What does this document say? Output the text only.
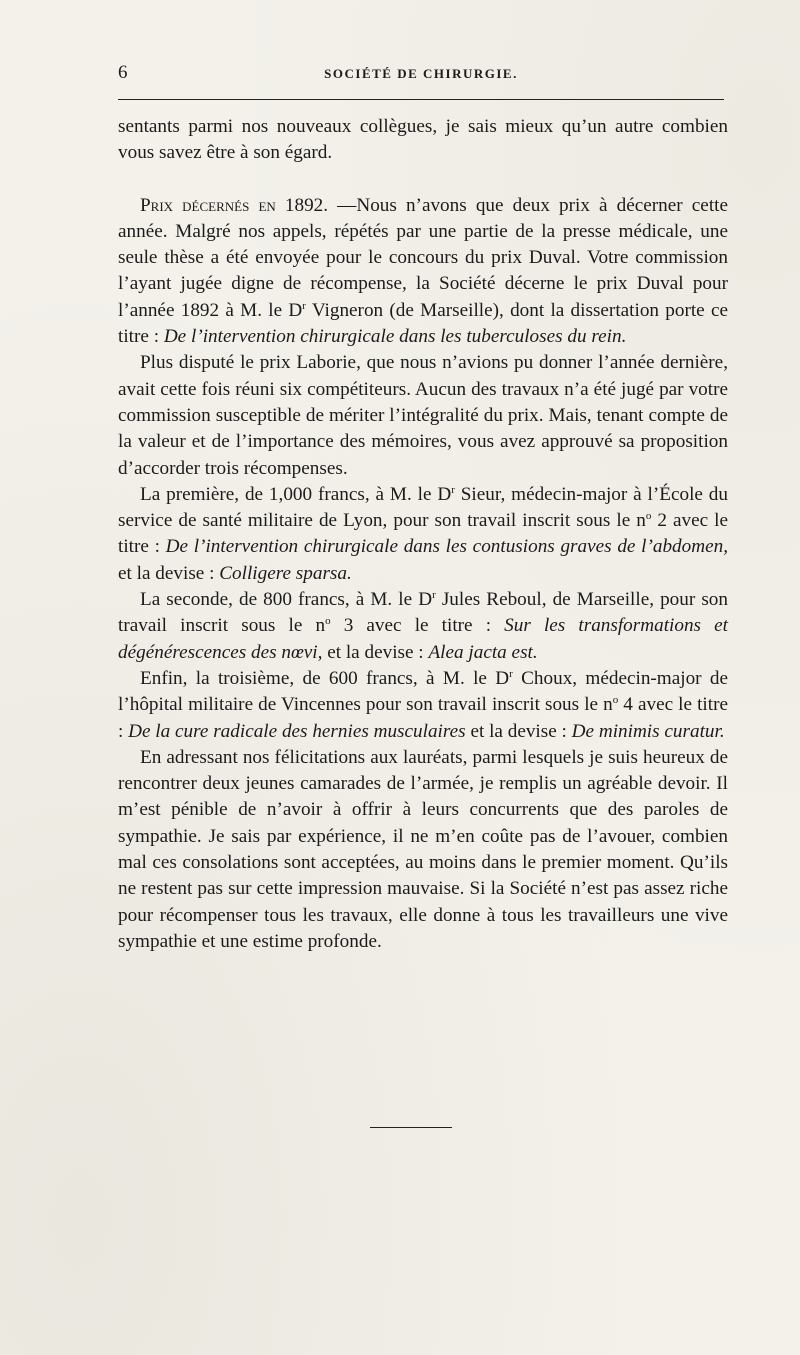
6	SOCIÉTÉ DE CHIRURGIE.

sentants parmi nos nouveaux collègues, je sais mieux qu’un autre combien vous savez être à son égard.

Prix décernés en 1892. —Nous n’avons que deux prix à décerner cette année. Malgré nos appels, répétés par une partie de la presse médicale, une seule thèse a été envoyée pour le concours du prix Duval. Votre commission l’ayant jugée digne de récompense, la Société décerne le prix Duval pour l’année 1892 à M. le $D^r$ Vigneron (de Marseille), dont la dissertation porte ce titre : De l’intervention chirurgicale dans les tuberculoses du rein.

Plus disputé le prix Laborie, que nous n’avions pu donner l’année dernière, avait cette fois réuni six compétiteurs. Aucun des travaux n’a été jugé par votre commission susceptible de mériter l’intégralité du prix. Mais, tenant compte de la valeur et de l’importance des mémoires, vous avez approuvé sa proposition d’accorder trois récompenses.

La première, de 1,000 francs, à M. le $D^r$ Sieur, médecin-major à l’École du service de santé militaire de Lyon, pour son travail inscrit sous le $n^o$ 2 avec le titre : De l’intervention chirurgicale dans les contusions graves de l’abdomen, et la devise : Colligere sparsa.

La seconde, de 800 francs, à M. le $D^r$ Jules Reboul, de Marseille, pour son travail inscrit sous le $n^o$ 3 avec le titre : Sur les transformations et dégénérescences des nœvi, et la devise : Alea jacta est.

Enfin, la troisième, de 600 francs, à M. le $D^r$ Choux, médecin-major de l’hôpital militaire de Vincennes pour son travail inscrit sous le $n^o$ 4 avec le titre : De la cure radicale des hernies musculaires et la devise : De minimis curatur.

En adressant nos félicitations aux lauréats, parmi lesquels je suis heureux de rencontrer deux jeunes camarades de l’armée, je remplis un agréable devoir. Il m’est pénible de n’avoir à offrir à leurs concurrents que des paroles de sympathie. Je sais par expérience, il ne m’en coûte pas de l’avouer, combien mal ces consolations sont acceptées, au moins dans le premier moment. Qu’ils ne restent pas sur cette impression mauvaise. Si la Société n’est pas assez riche pour récompenser tous les travaux, elle donne à tous les travailleurs une vive sympathie et une estime profonde.
